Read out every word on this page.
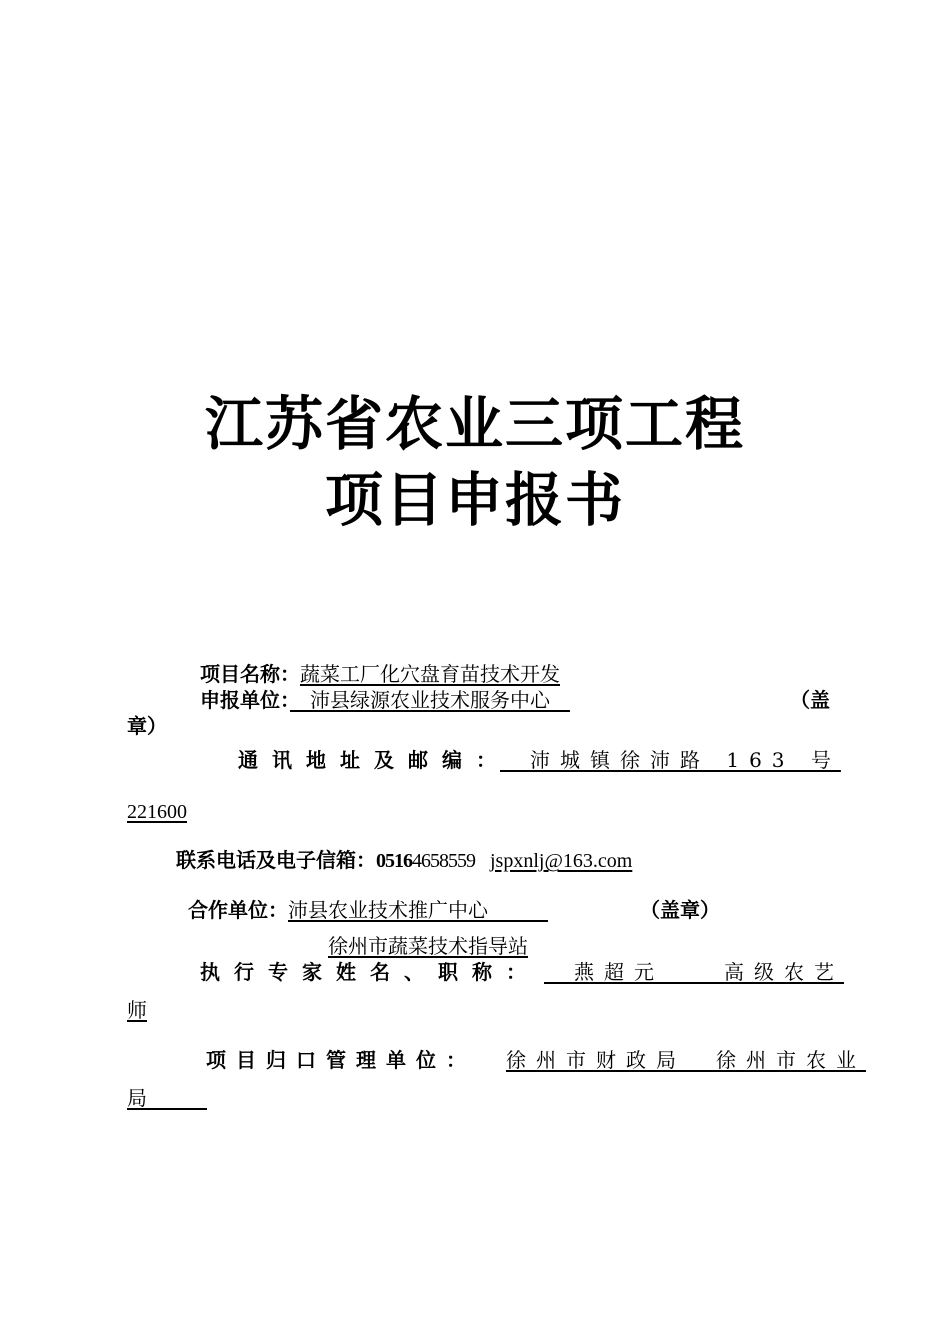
江苏省农业三项工程
项目申报书
项目名称：蔬菜工厂化穴盘育苗技术开发
申报单位：　沛县绿源农业技术服务中心　	（盖
章）
通讯地址及邮编：　沛城镇徐沛路 163 号
221600
联系电话及电子信箱：05164658559 jspxnlj@163.com
合作单位：沛县农业技术推广中心　　　	（盖章）
徐州市蔬菜技术指导站
执行专家姓名、职称：　燕超元　　高级农艺
师
项目归口管理单位： 徐州市财政局　徐州市农业
局　　　
